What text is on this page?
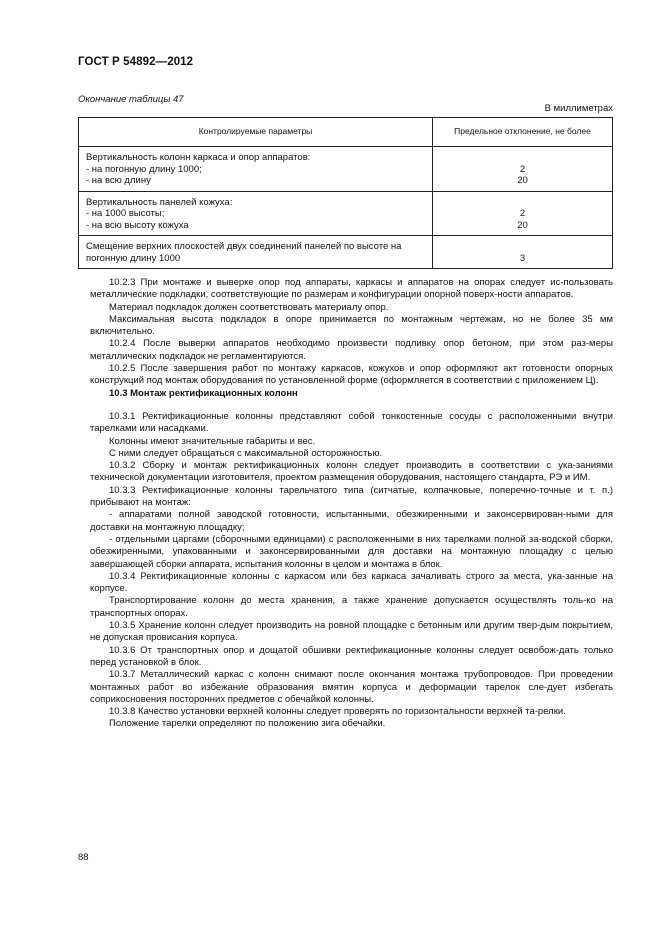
ГОСТ Р 54892—2012
Окончание таблицы 47
В миллиметрах
Контролируемые параметры	Предельное отклонение, не более

Вертикальность колонн каркаса и опор аппаратов:
- на погонную длину 1000;
- на всю длину	2
20

Вертикальность панелей кожуха:
- на 1000 высоты;
- на всю высоту кожуха	2
20

Смещение верхних плоскостей двух соединений панелей по высоте на
погонную длину 1000	3

10.2.3 При монтаже и выверке опор под аппараты, каркасы и аппаратов на опорах следует ис-пользовать металлические подкладки, соответствующие по размерам и конфигурации опорной поверх-ности аппаратов.

Материал подкладок должен соответствовать материалу опор.

Максимальная высота подкладок в опоре принимается по монтажным чертежам, но не более 35 мм включительно.

10.2.4 После выверки аппаратов необходимо произвести подливку опор бетоном, при этом раз-меры металлических подкладок не регламентируются.

10.2.5 После завершения работ по монтажу каркасов, кожухов и опор оформляют акт готовности опорных конструкций под монтаж оборудования по установленной форме (оформляется в соответствии с приложением Ц).

10.3 Монтаж ректификационных колонн

10.3.1 Ректификационные колонны представляют собой тонкостенные сосуды с расположенными внутри тарелками или насадками.

Колонны имеют значительные габариты и вес.

С ними следует обращаться с максимальной осторожностью.

10.3.2 Сборку и монтаж ректификационных колонн следует производить в соответствии с ука-заниями технической документации изготовителя, проектом размещения оборудования, настоящего стандарта, РЭ и ИМ.

10.3.3 Ректификационные колонны тарельчатого типа (ситчатые, колпачковые, поперечно-точные и т. п.) прибывают на монтаж:

- аппаратами полной заводской готовности, испытанными, обезжиренными и законсервирован-ными для доставки на монтажную площадку;

- отдельными царгами (сборочными единицами) с расположенными в них тарелками полной за-водской сборки, обезжиренными, упакованными и законсервированными для доставки на монтажную площадку с целью завершающей сборки аппарата, испытания колонны в целом и монтажа в блок.

10.3.4 Ректификационные колонны с каркасом или без каркаса зачаливать строго за места, ука-занные на корпусе.

Транспортирование колонн до места хранения, а также хранение допускается осуществлять толь-ко на транспортных опорах.

10.3.5 Хранение колонн следует производить на ровной площадке с бетонным или другим твер-дым покрытием, не допуская провисания корпуса.

10.3.6 От транспортных опор и дощатой обшивки ректификационные колонны следует освобож-дать только перед установкой в блок.

10.3.7 Металлический каркас с колонн снимают после окончания монтажа трубопроводов. При проведении монтажных работ во избежание образования вмятин корпуса и деформации тарелок сле-дует избегать соприкосновения посторонних предметов с обечайкой колонны.

10.3.8 Качество установки верхней колонны следует проверять по горизонтальности верхней та-релки.

Положение тарелки определяют по положению зига обечайки.

88
